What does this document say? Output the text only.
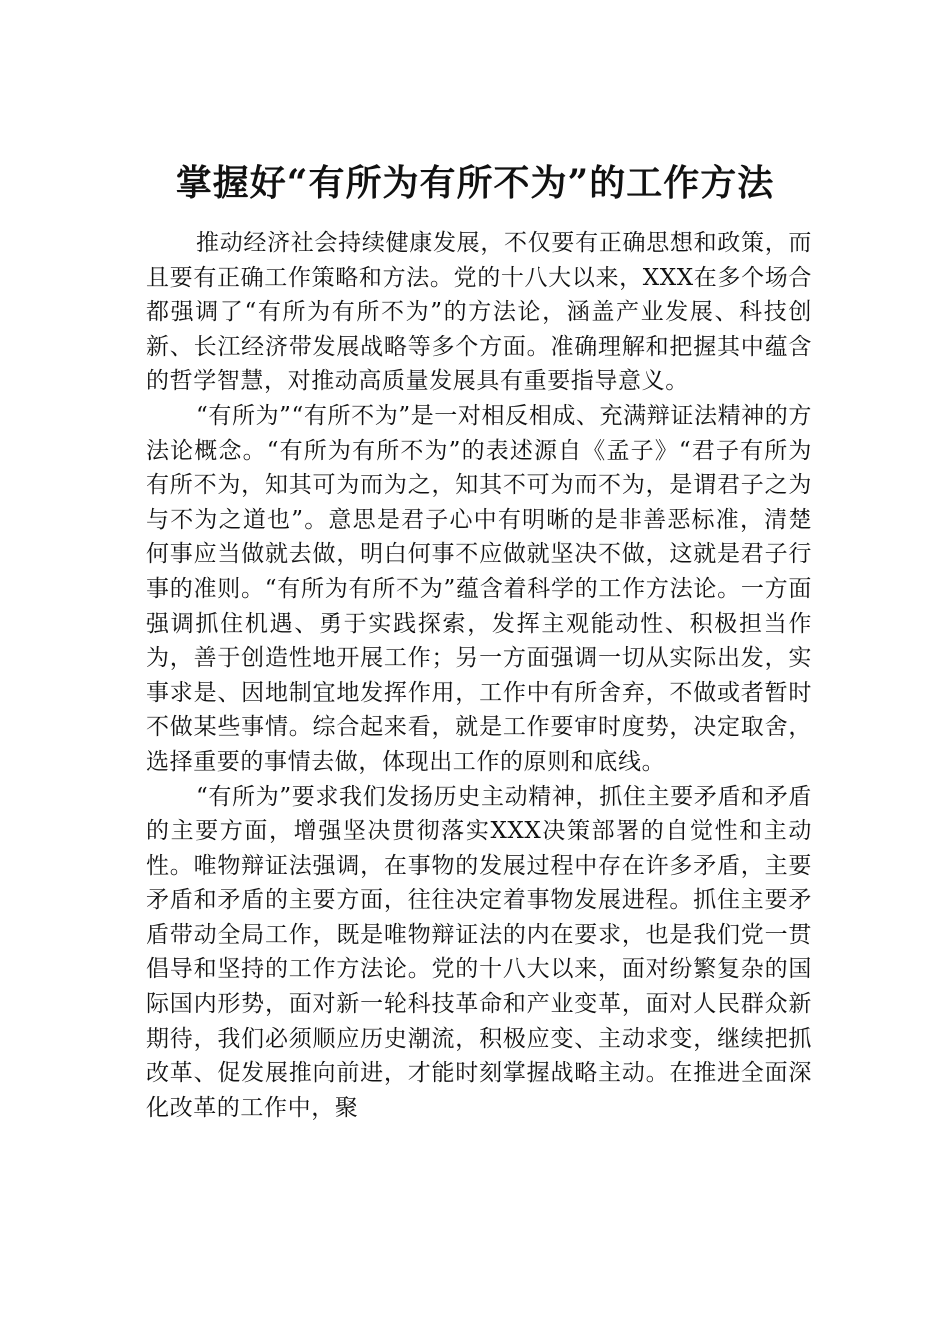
掌握好“有所为有所不为”的工作方法

推动经济社会持续健康发展，不仅要有正确思想和政策，而且要有正确工作策略和方法。党的十八大以来，XXX在多个场合都强调了“有所为有所不为”的方法论，涵盖产业发展、科技创新、长江经济带发展战略等多个方面。准确理解和把握其中蕴含的哲学智慧，对推动高质量发展具有重要指导意义。

“有所为”“有所不为”是一对相反相成、充满辩证法精神的方法论概念。“有所为有所不为”的表述源自《孟子》“君子有所为有所不为，知其可为而为之，知其不可为而不为，是谓君子之为与不为之道也”。意思是君子心中有明晰的是非善恶标准，清楚何事应当做就去做，明白何事不应做就坚决不做，这就是君子行事的准则。“有所为有所不为”蕴含着科学的工作方法论。一方面强调抓住机遇、勇于实践探索，发挥主观能动性、积极担当作为，善于创造性地开展工作；另一方面强调一切从实际出发，实事求是、因地制宜地发挥作用，工作中有所舍弃，不做或者暂时不做某些事情。综合起来看，就是工作要审时度势，决定取舍，选择重要的事情去做，体现出工作的原则和底线。

“有所为”要求我们发扬历史主动精神，抓住主要矛盾和矛盾的主要方面，增强坚决贯彻落实XXX决策部署的自觉性和主动性。唯物辩证法强调，在事物的发展过程中存在许多矛盾，主要矛盾和矛盾的主要方面，往往决定着事物发展进程。抓住主要矛盾带动全局工作，既是唯物辩证法的内在要求，也是我们党一贯倡导和坚持的工作方法论。党的十八大以来，面对纷繁复杂的国际国内形势，面对新一轮科技革命和产业变革，面对人民群众新期待，我们必须顺应历史潮流，积极应变、主动求变，继续把抓改革、促发展推向前进，才能时刻掌握战略主动。在推进全面深化改革的工作中，聚
